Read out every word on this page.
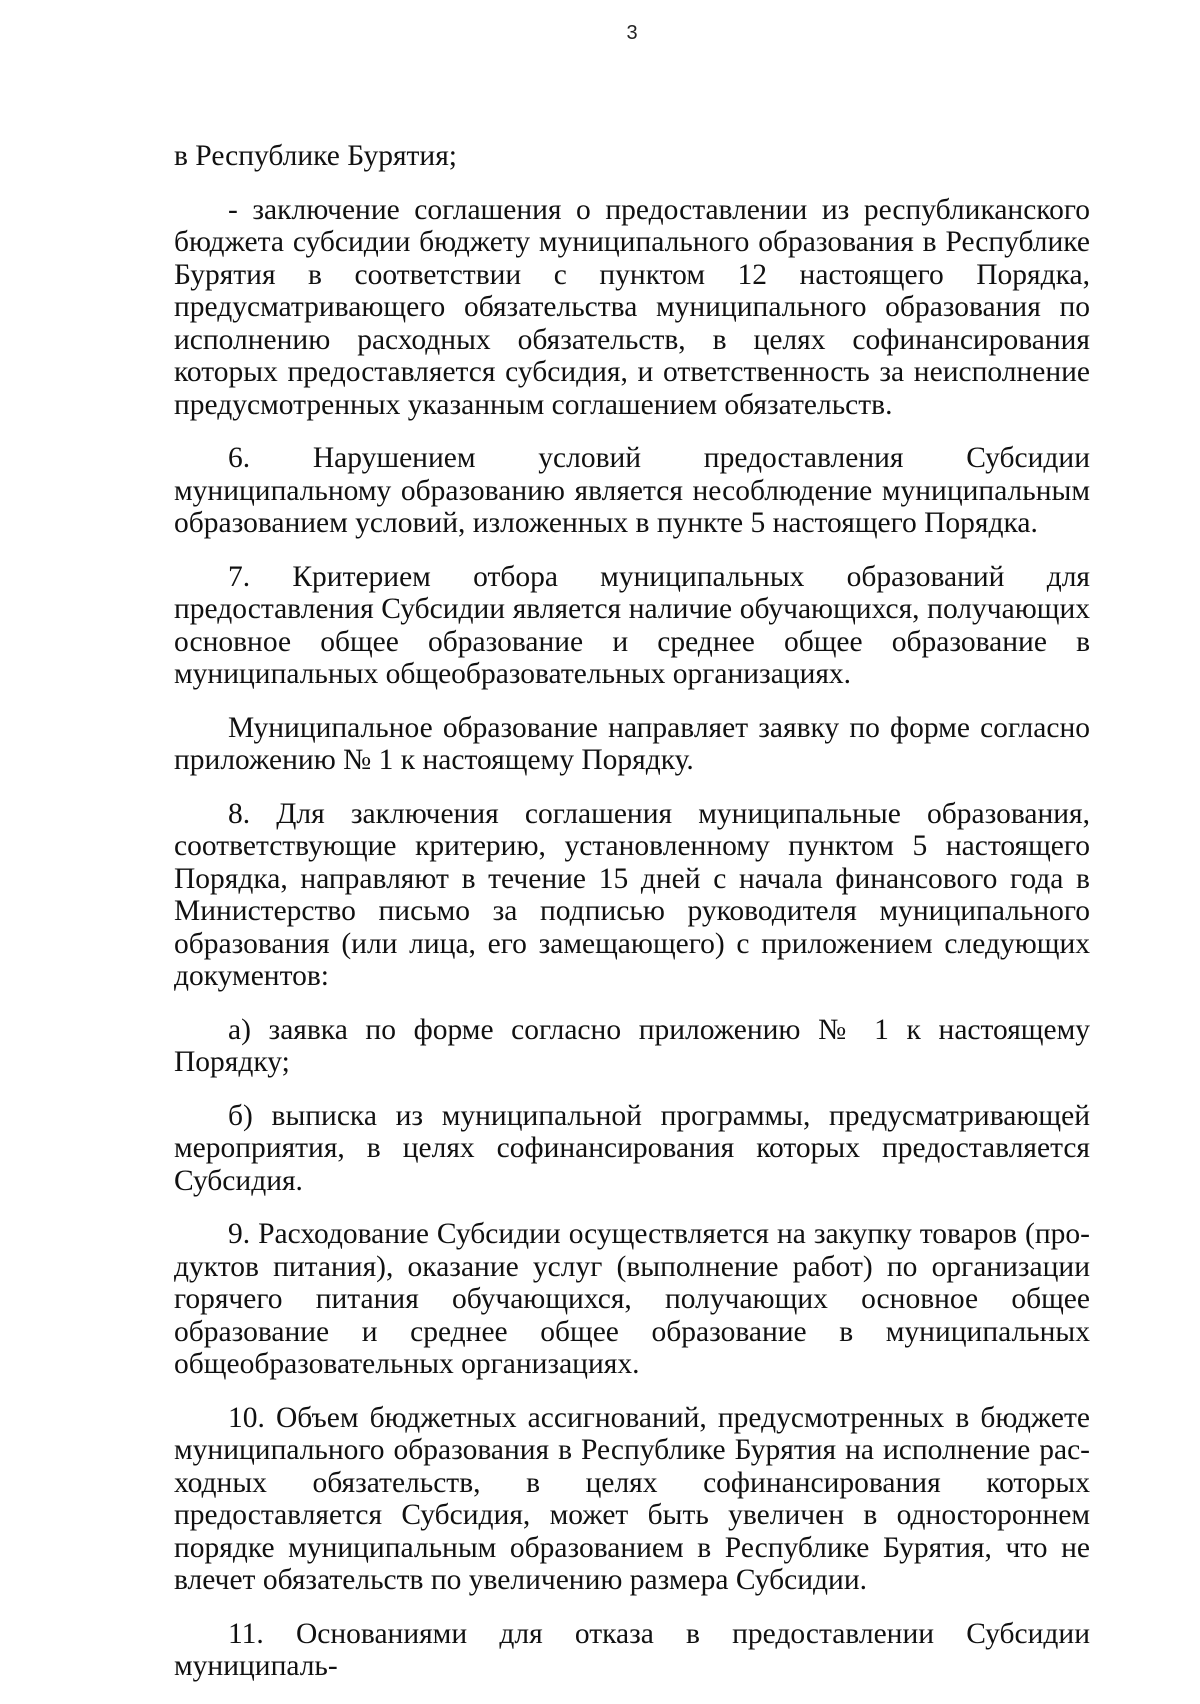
3

в Республике Бурятия;

- заключение соглашения о предоставлении из республиканского бюджета субсидии бюджету муниципального образования в Республике Бурятия в соответствии с пунктом 12 настоящего Порядка, предусматривающего обязательства муниципального образования по исполнению расходных обязательств, в целях софинансирования которых предоставляется субсидия, и ответственность за неисполнение предусмотренных указанным соглашением обязательств.

6. Нарушением условий предоставления Субсидии муниципальному образованию является несоблюдение муниципальным образованием условий, изложенных в пункте 5 настоящего Порядка.

7. Критерием отбора муниципальных образований для предоставления Субсидии является наличие обучающихся, получающих основное общее образование и среднее общее образование в муниципальных общеобразовательных организациях.

Муниципальное образование направляет заявку по форме согласно приложению № 1 к настоящему Порядку.

8. Для заключения соглашения муниципальные образования, соответствующие критерию, установленному пунктом 5 настоящего Порядка, направляют в течение 15 дней с начала финансового года в Министерство письмо за подписью руководителя муниципального образования (или лица, его замещающего) с приложением следующих документов:

а) заявка по форме согласно приложению № 1 к настоящему Порядку;

б) выписка из муниципальной программы, предусматривающей мероприятия, в целях софинансирования которых предоставляется Субсидия.

9. Расходование Субсидии осуществляется на закупку товаров (продуктов питания), оказание услуг (выполнение работ) по организации горячего питания обучающихся, получающих основное общее образование и среднее общее образование в муниципальных общеобразовательных организациях.

10. Объем бюджетных ассигнований, предусмотренных в бюджете муниципального образования в Республике Бурятия на исполнение расходных обязательств, в целях софинансирования которых предоставляется Субсидия, может быть увеличен в одностороннем порядке муниципальным образованием в Республике Бурятия, что не влечет обязательств по увеличению размера Субсидии.

11. Основаниями для отказа в предоставлении Субсидии муниципаль-
